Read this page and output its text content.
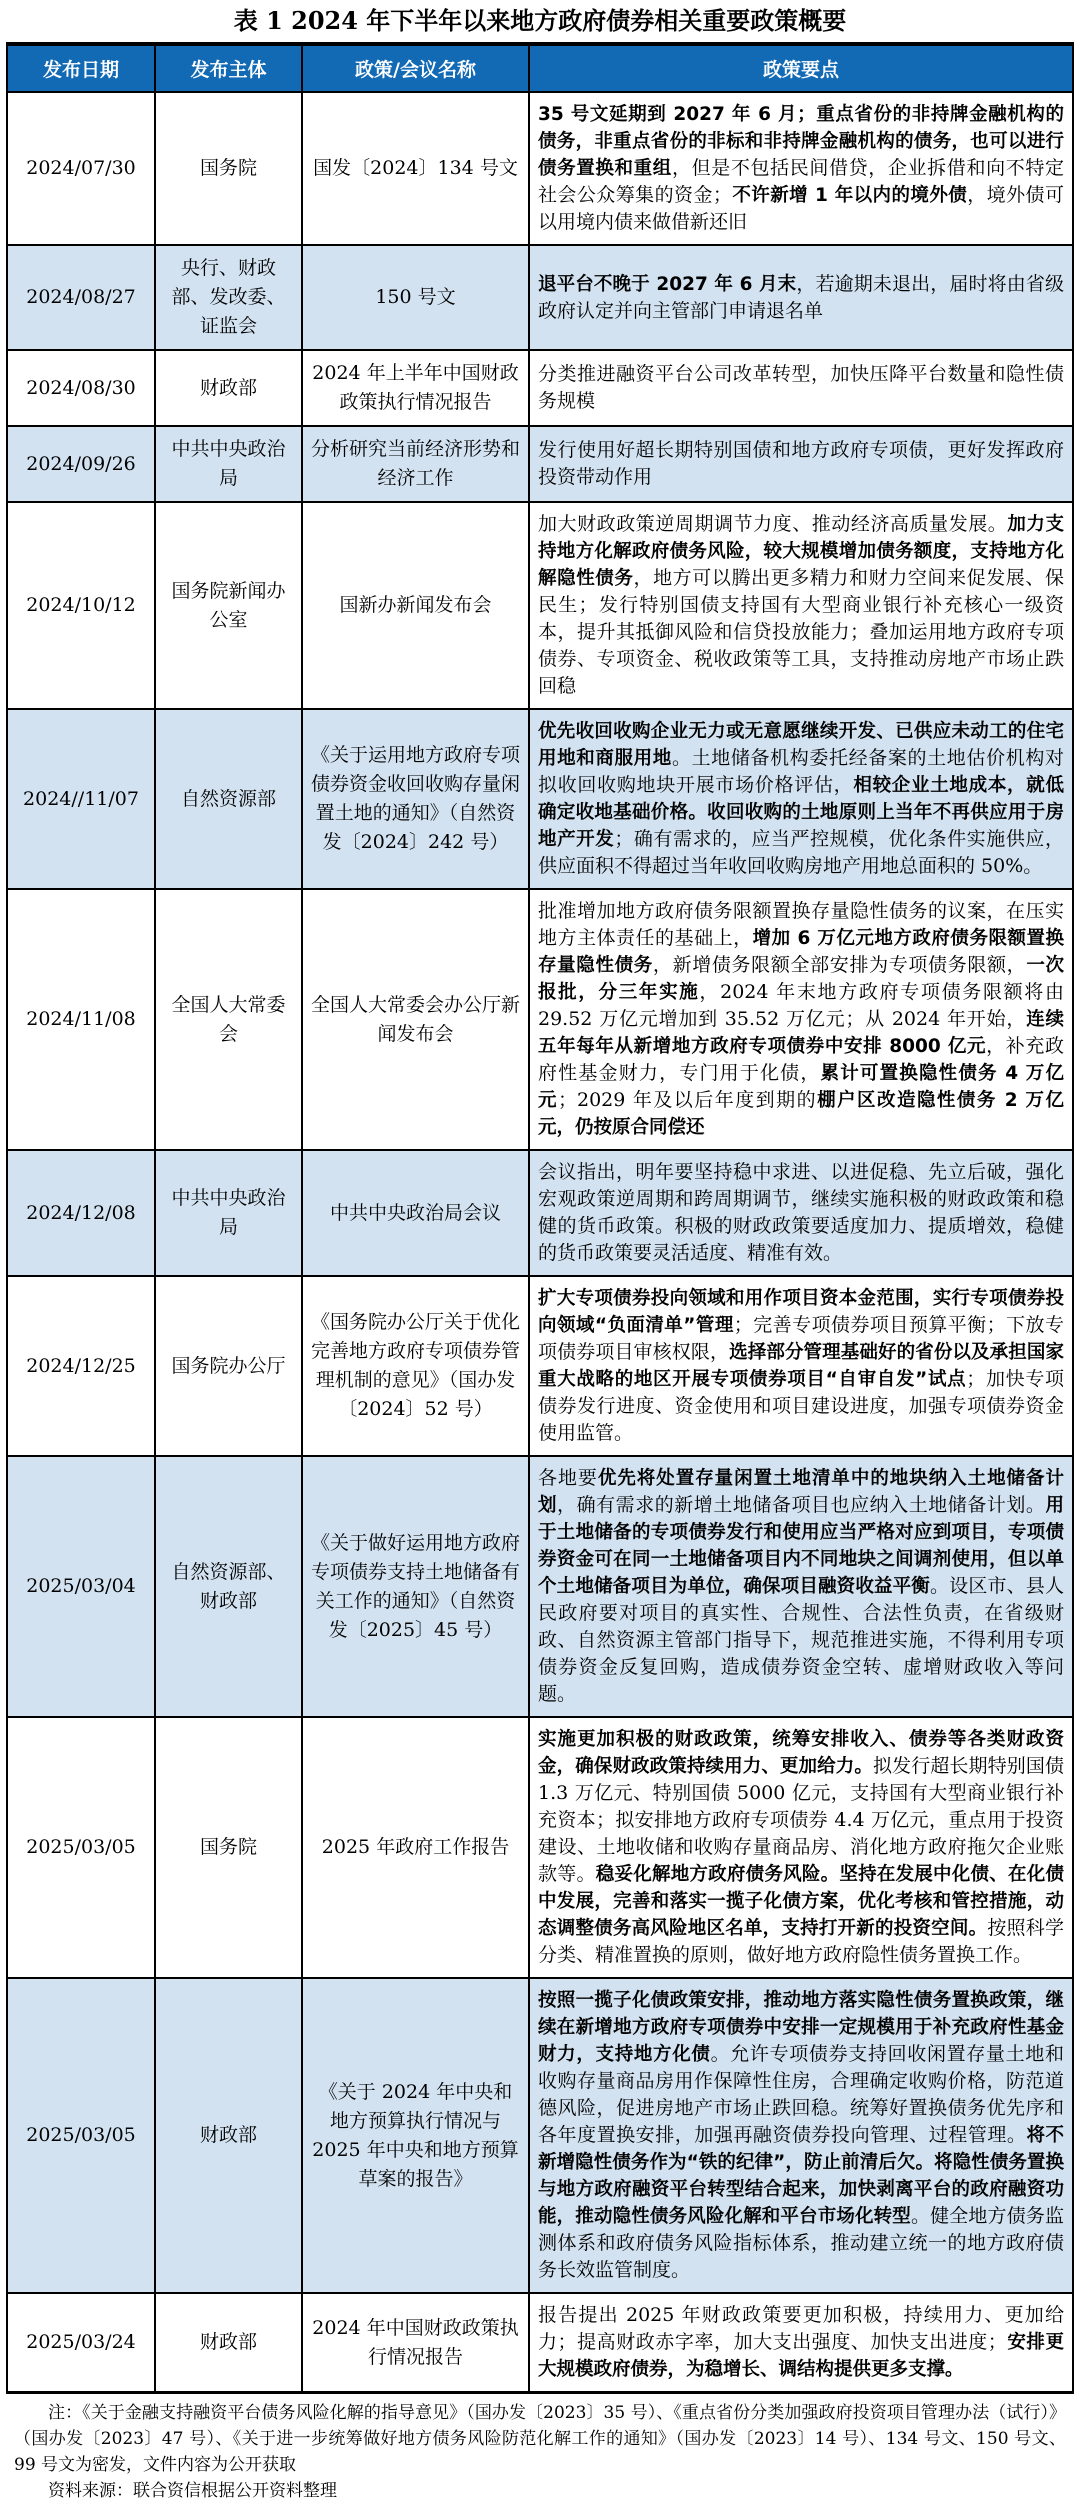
表 1 2024 年下半年以来地方政府债券相关重要政策概要
发布日期	发布主体	政策/会议名称	政策要点
2024/07/30	国务院	国发〔2024〕134 号文	35 号文延期到 2027 年 6 月；重点省份的非持牌金融机构的债务，非重点省份的非标和非持牌金融机构的债务，也可以进行债务置换和重组，但是不包括民间借贷，企业拆借和向不特定社会公众筹集的资金；不许新增 1 年以内的境外债，境外债可以用境内债来做借新还旧
2024/08/27	央行、财政部、发改委、证监会	150 号文	退平台不晚于 2027 年 6 月末，若逾期未退出，届时将由省级政府认定并向主管部门申请退名单
2024/08/30	财政部	2024 年上半年中国财政政策执行情况报告	分类推进融资平台公司改革转型，加快压降平台数量和隐性债务规模
2024/09/26	中共中央政治局	分析研究当前经济形势和经济工作	发行使用好超长期特别国债和地方政府专项债，更好发挥政府投资带动作用
2024/10/12	国务院新闻办公室	国新办新闻发布会	加大财政政策逆周期调节力度、推动经济高质量发展。加力支持地方化解政府债务风险，较大规模增加债务额度，支持地方化解隐性债务，地方可以腾出更多精力和财力空间来促发展、保民生；发行特别国债支持国有大型商业银行补充核心一级资本，提升其抵御风险和信贷投放能力；叠加运用地方政府专项债券、专项资金、税收政策等工具，支持推动房地产市场止跌回稳
2024//11/07	自然资源部	《关于运用地方政府专项债券资金收回收购存量闲置土地的通知》（自然资发〔2024〕242 号）	优先收回收购企业无力或无意愿继续开发、已供应未动工的住宅用地和商服用地。土地储备机构委托经备案的土地估价机构对拟收回收购地块开展市场价格评估，相较企业土地成本，就低确定收地基础价格。收回收购的土地原则上当年不再供应用于房地产开发；确有需求的，应当严控规模，优化条件实施供应，供应面积不得超过当年收回收购房地产用地总面积的 50%。
2024/11/08	全国人大常委会	全国人大常委会办公厅新闻发布会	批准增加地方政府债务限额置换存量隐性债务的议案，在压实地方主体责任的基础上，增加 6 万亿元地方政府债务限额置换存量隐性债务，新增债务限额全部安排为专项债务限额，一次报批，分三年实施，2024 年末地方政府专项债务限额将由 29.52 万亿元增加到 35.52 万亿元；从 2024 年开始，连续五年每年从新增地方政府专项债券中安排 8000 亿元，补充政府性基金财力，专门用于化债，累计可置换隐性债务 4 万亿元；2029 年及以后年度到期的棚户区改造隐性债务 2 万亿元，仍按原合同偿还
2024/12/08	中共中央政治局	中共中央政治局会议	会议指出，明年要坚持稳中求进、以进促稳、先立后破，强化宏观政策逆周期和跨周期调节，继续实施积极的财政政策和稳健的货币政策。积极的财政政策要适度加力、提质增效，稳健的货币政策要灵活适度、精准有效。
2024/12/25	国务院办公厅	《国务院办公厅关于优化完善地方政府专项债券管理机制的意见》（国办发〔2024〕52 号）	扩大专项债券投向领域和用作项目资本金范围，实行专项债券投向领域“负面清单”管理；完善专项债券项目预算平衡；下放专项债券项目审核权限，选择部分管理基础好的省份以及承担国家重大战略的地区开展专项债券项目“自审自发”试点；加快专项债券发行进度、资金使用和项目建设进度，加强专项债券资金使用监管。
2025/03/04	自然资源部、财政部	《关于做好运用地方政府专项债券支持土地储备有关工作的通知》（自然资发〔2025〕45 号）	各地要优先将处置存量闲置土地清单中的地块纳入土地储备计划，确有需求的新增土地储备项目也应纳入土地储备计划。用于土地储备的专项债券发行和使用应当严格对应到项目，专项债券资金可在同一土地储备项目内不同地块之间调剂使用，但以单个土地储备项目为单位，确保项目融资收益平衡。设区市、县人民政府要对项目的真实性、合规性、合法性负责，在省级财政、自然资源主管部门指导下，规范推进实施，不得利用专项债券资金反复回购，造成债券资金空转、虚增财政收入等问题。
2025/03/05	国务院	2025 年政府工作报告	实施更加积极的财政政策，统筹安排收入、债券等各类财政资金，确保财政政策持续用力、更加给力。拟发行超长期特别国债 1.3 万亿元、特别国债 5000 亿元，支持国有大型商业银行补充资本；拟安排地方政府专项债券 4.4 万亿元，重点用于投资建设、土地收储和收购存量商品房、消化地方政府拖欠企业账款等。稳妥化解地方政府债务风险。坚持在发展中化债、在化债中发展，完善和落实一揽子化债方案，优化考核和管控措施，动态调整债务高风险地区名单，支持打开新的投资空间。按照科学分类、精准置换的原则，做好地方政府隐性债务置换工作。
2025/03/05	财政部	《关于 2024 年中央和地方预算执行情况与 2025 年中央和地方预算草案的报告》	按照一揽子化债政策安排，推动地方落实隐性债务置换政策，继续在新增地方政府专项债券中安排一定规模用于补充政府性基金财力，支持地方化债。允许专项债券支持回收闲置存量土地和收购存量商品房用作保障性住房，合理确定收购价格，防范道德风险，促进房地产市场止跌回稳。统筹好置换债务优先序和各年度置换安排，加强再融资债券投向管理、过程管理。将不新增隐性债务作为“铁的纪律”，防止前清后欠。将隐性债务置换与地方政府融资平台转型结合起来，加快剥离平台的政府融资功能，推动隐性债务风险化解和平台市场化转型。健全地方债务监测体系和政府债务风险指标体系，推动建立统一的地方政府债务长效监管制度。
2025/03/24	财政部	2024 年中国财政政策执行情况报告	报告提出 2025 年财政政策要更加积极，持续用力、更加给力；提高财政赤字率，加大支出强度、加快支出进度；安排更大规模政府债券，为稳增长、调结构提供更多支撑。

注：《关于金融支持融资平台债务风险化解的指导意见》（国办发〔2023〕35 号）、《重点省份分类加强政府投资项目管理办法（试行）》（国办发〔2023〕47 号）、《关于进一步统筹做好地方债务风险防范化解工作的通知》（国办发〔2023〕14 号）、134 号文、150 号文、99 号文为密发，文件内容为公开获取

资料来源：联合资信根据公开资料整理
